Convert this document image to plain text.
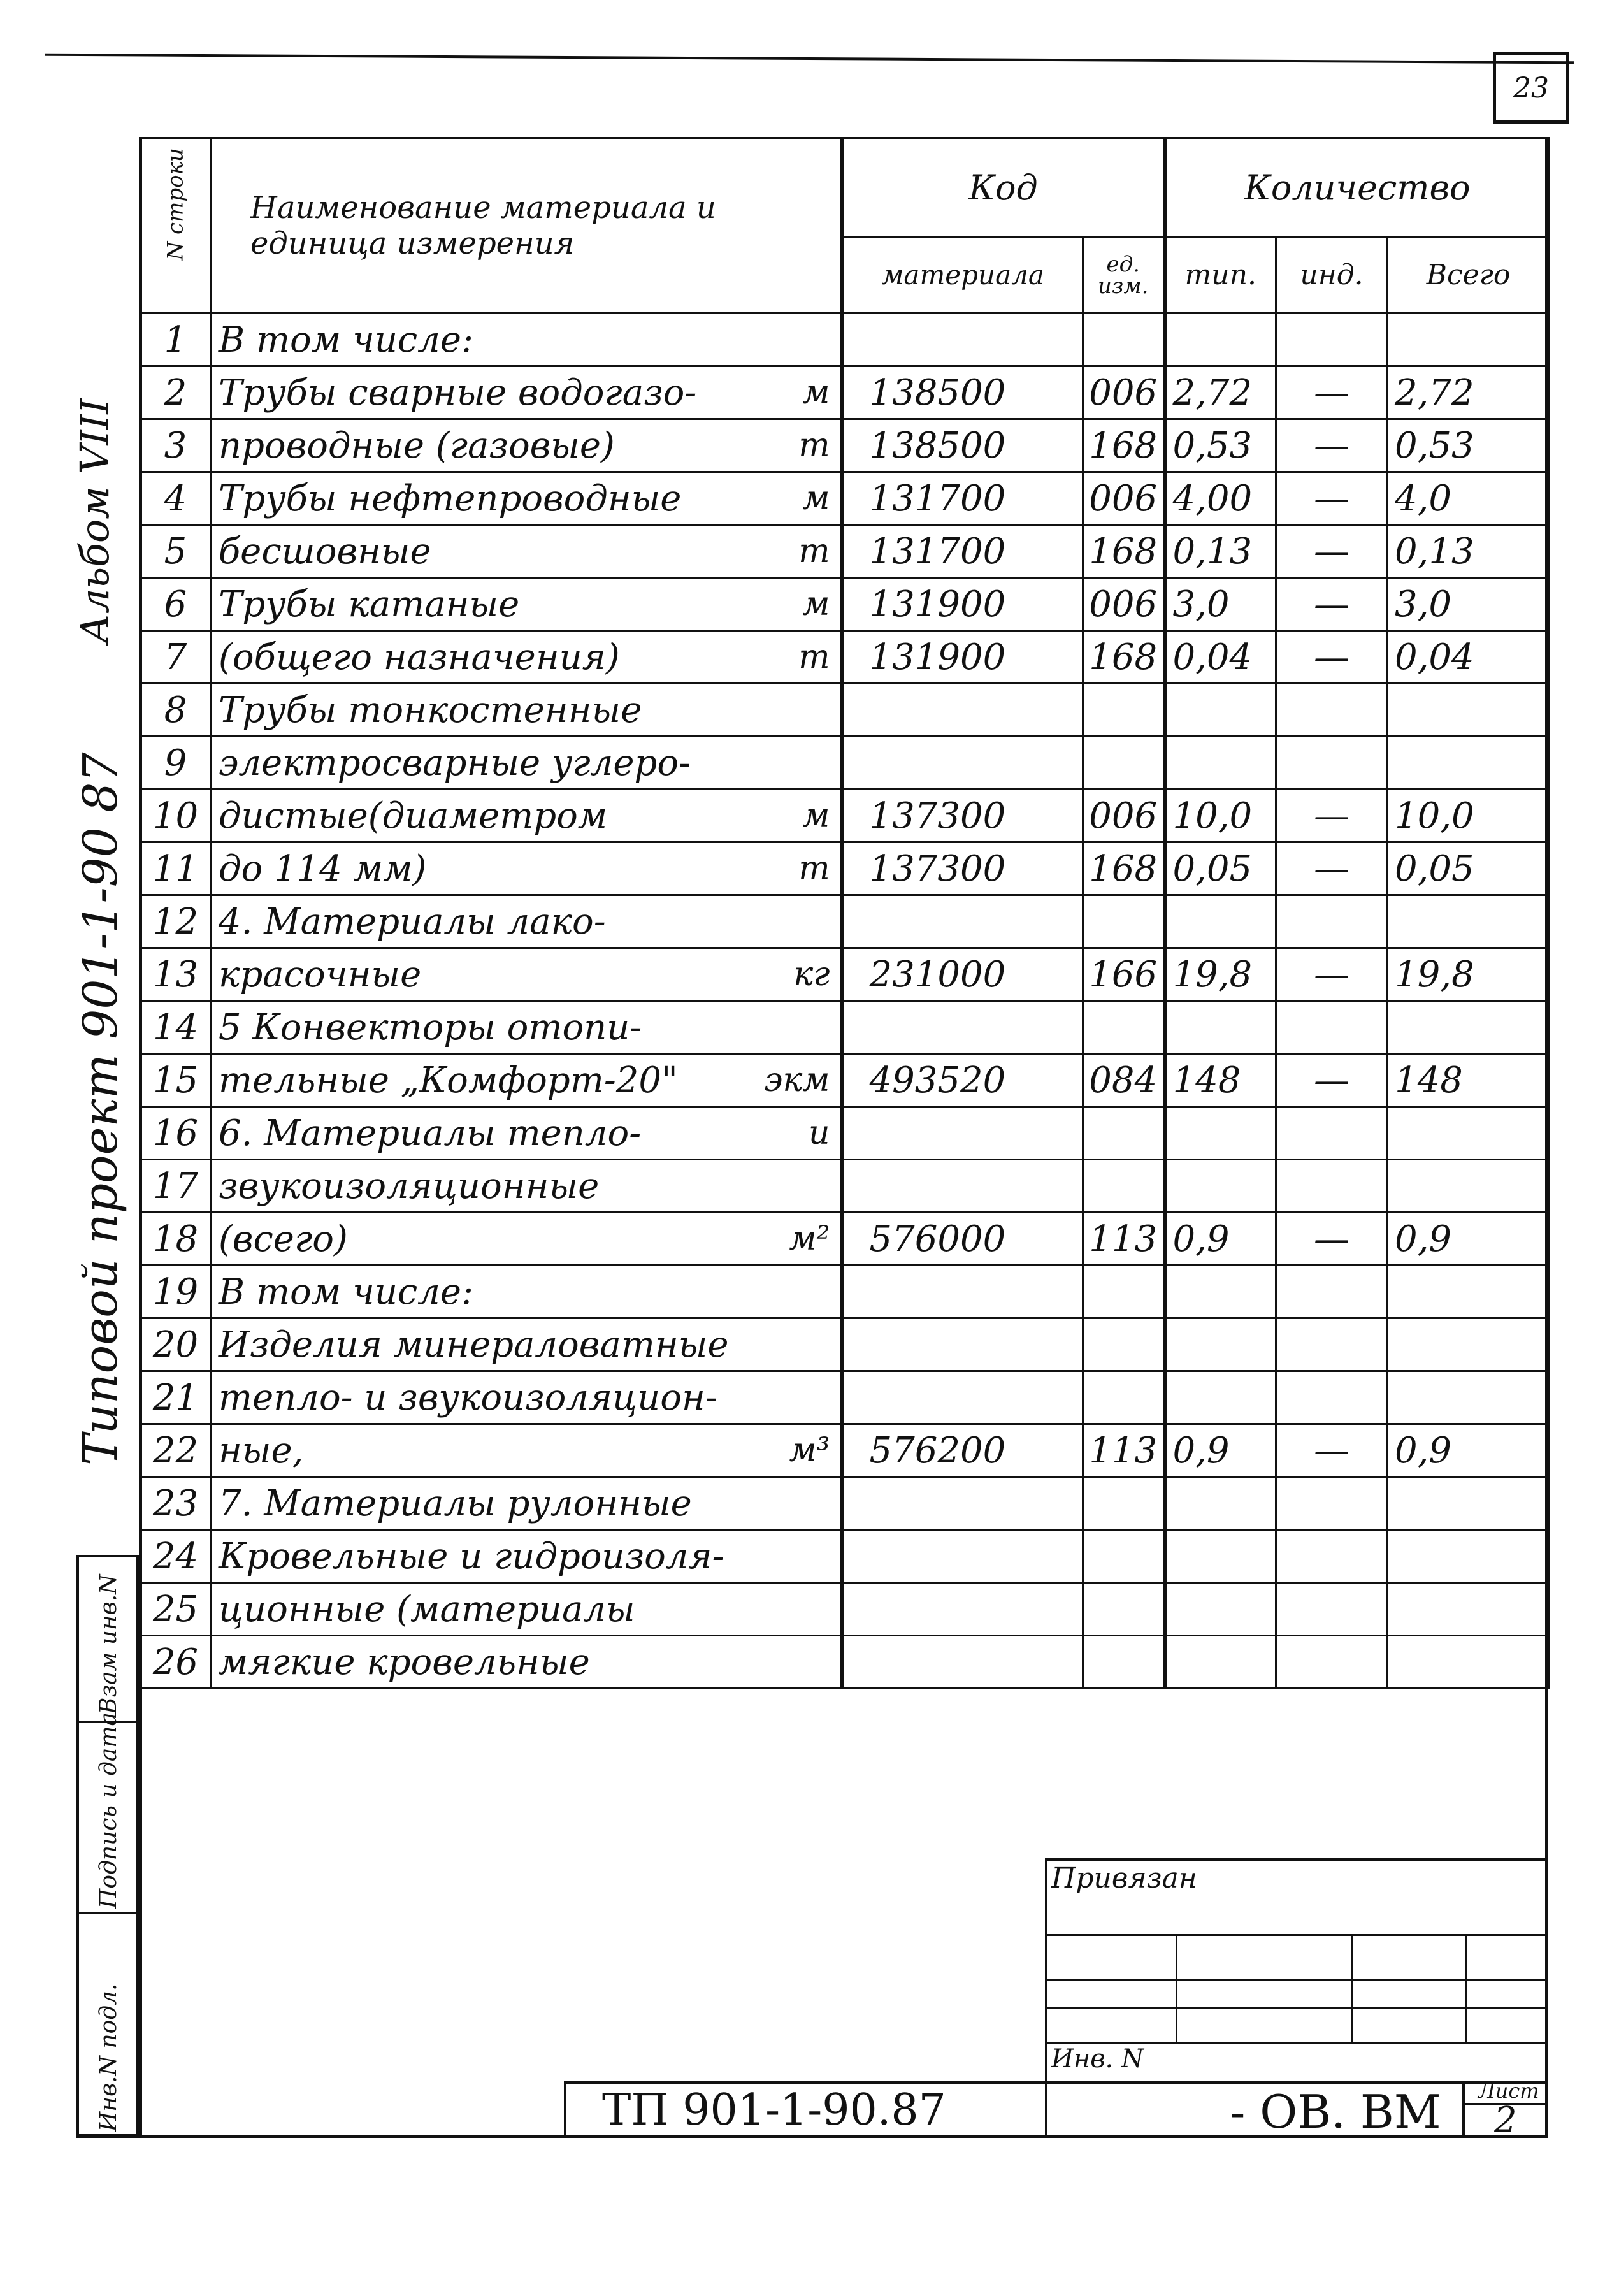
23
Альбом VIII
Типовой проект 901-1-90 87
Инв.N подл.
Подпись и дата
Взам инв.N
N строки	Наименование материала и единица измерения	Код		Количество		
		материала	ед. изм.	тип.	инд.	Всего
1	В том числе:					

2	Трубы сварные водогазо- м	138500	006	2,72	—	2,72
3	проводные (газовые) т	138500	168	0,53	—	0,53
4	Трубы нефтепроводные м	131700	006	4,00	—	4,0
5	бесшовные т	131700	168	0,13	—	0,13
6	Трубы катаные м	131900	006	3,0	—	3,0
7	(общего назначения) т	131900	168	0,04	—	0,04
8	Трубы тонкостенные					

9	электросварные углеро-					

10	дистые(диаметром м	137300	006	10,0	—	10,0
11	до 114 мм) т	137300	168	0,05	—	0,05
12	4. Материалы лако-					

13	красочные кг	231000	166	19,8	—	19,8
14	5 Конвекторы отопи-					

15	тельные „Комфорт-20" экм	493520	084	148	—	148
16	6. Материалы тепло- и					

17	звукоизоляционные					

18	(всего) м²	576000	113	0,9	—	0,9
19	В том числе:					

20	Изделия минераловатные					

21	тепло- и звукоизоляцион-					

22	ные, м³	576200	113	0,9	—	0,9
23	7. Материалы рулонные					

24	Кровельные и гидроизоля-					

25	ционные (материалы					

26	мягкие кровельные					

Привязан
Инв. N
ТП 901-1-90.87	- ОВ. ВМ Лист
2
